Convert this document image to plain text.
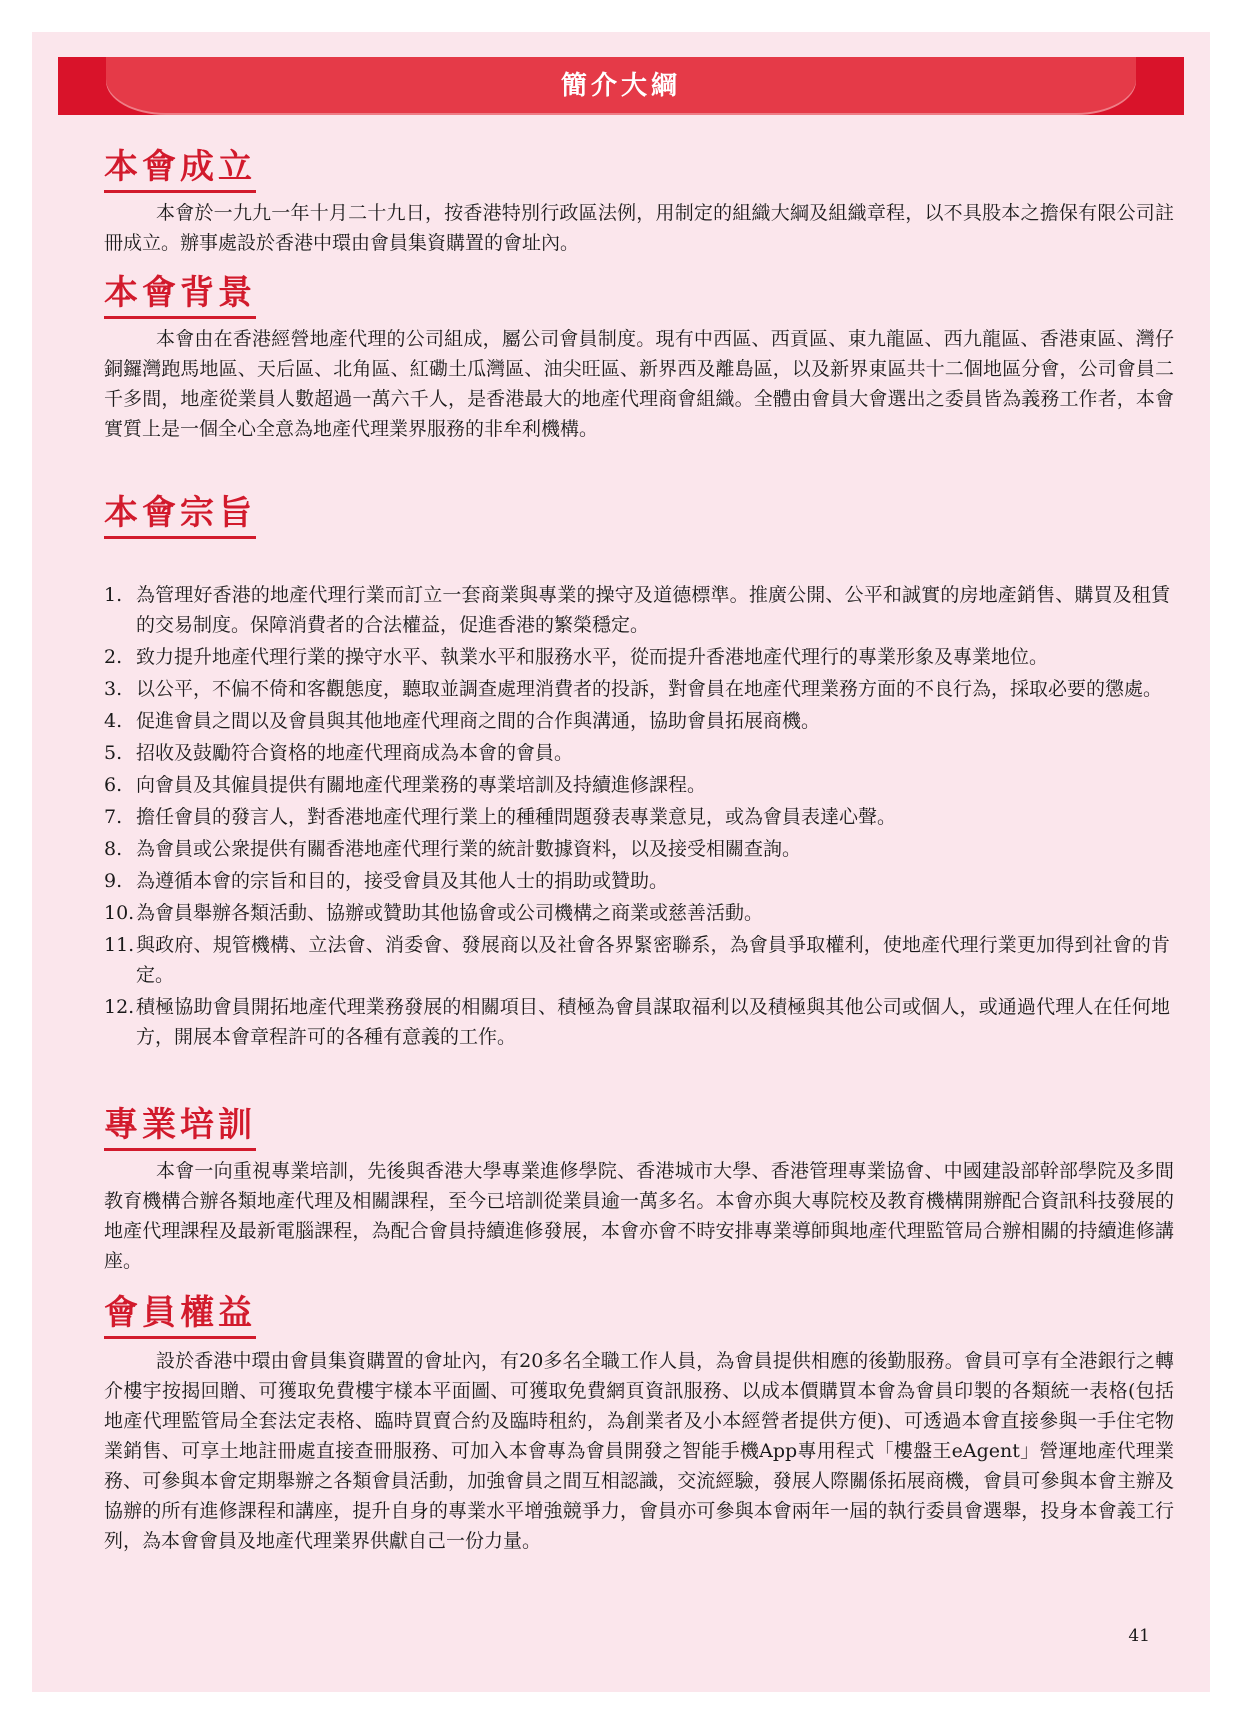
簡介大綱
本會成立
本會於一九九一年十月二十九日，按香港特別行政區法例，用制定的組織大綱及組織章程，以不具股本之擔保有限公司註冊成立。辦事處設於香港中環由會員集資購置的會址內。
本會背景
本會由在香港經營地產代理的公司組成，屬公司會員制度。現有中西區、西貢區、東九龍區、西九龍區、香港東區、灣仔銅鑼灣跑馬地區、天后區、北角區、紅磡土瓜灣區、油尖旺區、新界西及離島區，以及新界東區共十二個地區分會，公司會員二千多間，地產從業員人數超過一萬六千人，是香港最大的地產代理商會組織。全體由會員大會選出之委員皆為義務工作者，本會實質上是一個全心全意為地產代理業界服務的非牟利機構。
本會宗旨
1. 為管理好香港的地產代理行業而訂立一套商業與專業的操守及道德標準。推廣公開、公平和誠實的房地產銷售、購買及租賃的交易制度。保障消費者的合法權益，促進香港的繁榮穩定。
2. 致力提升地產代理行業的操守水平、執業水平和服務水平，從而提升香港地產代理行的專業形象及專業地位。
3. 以公平，不偏不倚和客觀態度，聽取並調查處理消費者的投訴，對會員在地產代理業務方面的不良行為，採取必要的懲處。
4. 促進會員之間以及會員與其他地產代理商之間的合作與溝通，協助會員拓展商機。
5. 招收及鼓勵符合資格的地產代理商成為本會的會員。
6. 向會員及其僱員提供有關地產代理業務的專業培訓及持續進修課程。
7. 擔任會員的發言人，對香港地產代理行業上的種種問題發表專業意見，或為會員表達心聲。
8. 為會員或公衆提供有關香港地產代理行業的統計數據資料，以及接受相關查詢。
9. 為遵循本會的宗旨和目的，接受會員及其他人士的捐助或贊助。
10. 為會員舉辦各類活動、協辦或贊助其他協會或公司機構之商業或慈善活動。
11. 與政府、規管機構、立法會、消委會、發展商以及社會各界緊密聯系，為會員爭取權利，使地產代理行業更加得到社會的肯定。
12. 積極協助會員開拓地產代理業務發展的相關項目、積極為會員謀取福利以及積極與其他公司或個人，或通過代理人在任何地方，開展本會章程許可的各種有意義的工作。
專業培訓
本會一向重視專業培訓，先後與香港大學專業進修學院、香港城市大學、香港管理專業協會、中國建設部幹部學院及多間教育機構合辦各類地產代理及相關課程，至今已培訓從業員逾一萬多名。本會亦與大專院校及教育機構開辦配合資訊科技發展的地產代理課程及最新電腦課程，為配合會員持續進修發展，本會亦會不時安排專業導師與地產代理監管局合辦相關的持續進修講座。
會員權益
設於香港中環由會員集資購置的會址內，有20多名全職工作人員，為會員提供相應的後勤服務。會員可享有全港銀行之轉介樓宇按揭回贈、可獲取免費樓宇樣本平面圖、可獲取免費網頁資訊服務、以成本價購買本會為會員印製的各類統一表格(包括地產代理監管局全套法定表格、臨時買賣合約及臨時租約，為創業者及小本經營者提供方便)、可透過本會直接參與一手住宅物業銷售、可享土地註冊處直接查冊服務、可加入本會專為會員開發之智能手機App專用程式「樓盤王eAgent」營運地產代理業務、可參與本會定期舉辦之各類會員活動，加強會員之間互相認識，交流經驗，發展人際關係拓展商機，會員可參與本會主辦及協辦的所有進修課程和講座，提升自身的專業水平增強競爭力，會員亦可參與本會兩年一屆的執行委員會選舉，投身本會義工行列，為本會會員及地產代理業界供獻自己一份力量。
41
